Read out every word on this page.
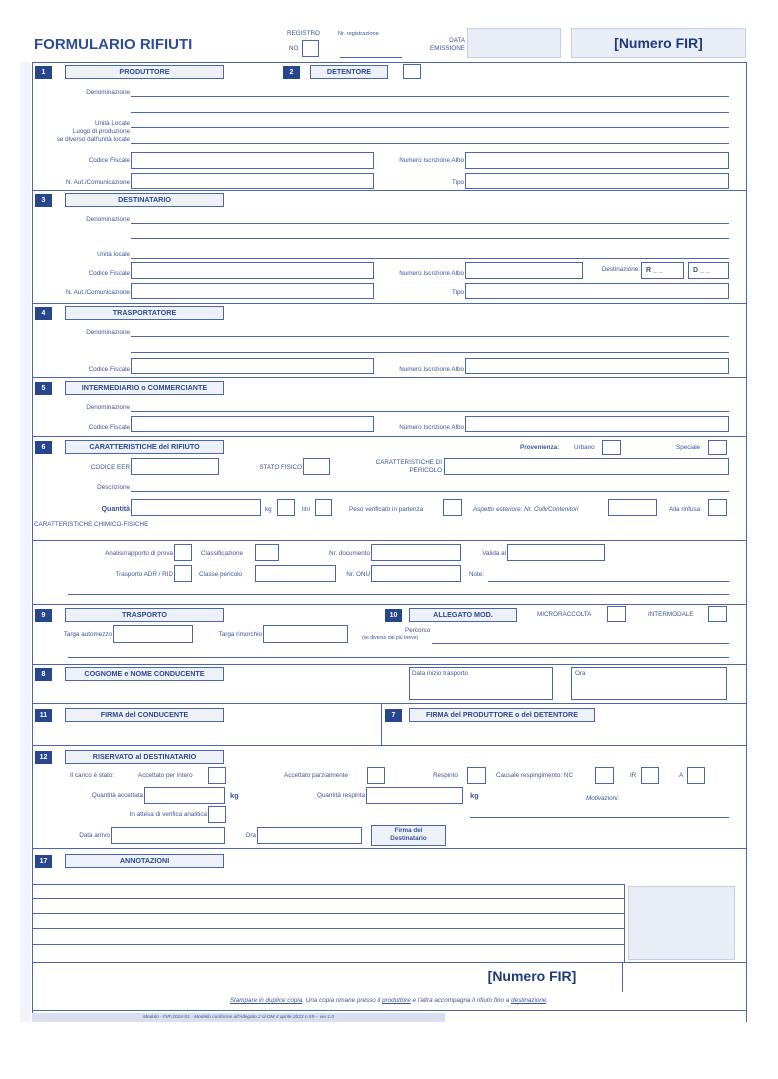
FORMULARIO RIFIUTI
REGISTRO
NO
Nr. registrazione
DATA
EMISSIONE	[Numero FIR]
1	PRODUTTORE	2	DETENTORE
Denominazione
Unità Locale
Luogo di produzione
se diverso dall'unità locale
Codice Fiscale	Numero Iscrizione Albo
N. Aut./Comunicazione	Tipo
3	DESTINATARIO
Denominazione
Unità locale
Codice Fiscale	Numero Iscrizione Albo
Destinazione: R _ _	D _ _
N. Aut./Comunicazione	Tipo
4	TRASPORTATORE
Denominazione
Codice Fiscale	Numero Iscrizione Albo
5	INTERMEDIARIO o COMMERCIANTE
Denominazione
Codice Fiscale	Numero Iscrizione Albo
6	CARATTERISTICHE del RIFIUTO	Provenienza: Urbano	Speciale
CODICE EER	STATO FISICO
CARATTERISTICHE DI
PERICOLO
Descrizione
Quantità	kg	litri	Peso verificato in partenza	Aspetto esteriore: Nr. Colli/Contenitori	Alla rinfusa
CARATTERISTICHE CHIMICO-FISICHE
Analisi/rapporto di prova	Classificazione	Nr. documento	Valida al
Trasporto ADR / RID	Classe pericolo	Nr. ONU	Note:
9	TRASPORTO	10	ALLEGATO MOD.	MICRORACCOLTA	INTERMODALE
Targa automezzo	Targa rimorchio
Percorso
(se diverso dal più breve)
8	COGNOME e NOME CONDUCENTE	Data inizio trasporto	Ora
11	FIRMA del CONDUCENTE	7	FIRMA del PRODUTTORE o del DETENTORE
12	RISERVATO al DESTINATARIO
Il carico è stato:	Accettato per intero	Accettato parzialmente	Respinto	Causale respingimento: NC	IR	A
Quantità accettata	kg	Quantità respinta	kg	Motivazioni:
In attesa di verifica analitica
Data arrivo	Ora
Firma del
Destinatario
17	ANNOTAZIONI
[Numero FIR]
Stampare in duplice copia. Una copia rimane presso il produttore e l'altra accompagna il rifiuto fino a destinazione.
Modulo - FIR-2024-01 - Modello conforme all'Allegato 2 al DM 4 aprile 2023 n.59 – ver.1.0
